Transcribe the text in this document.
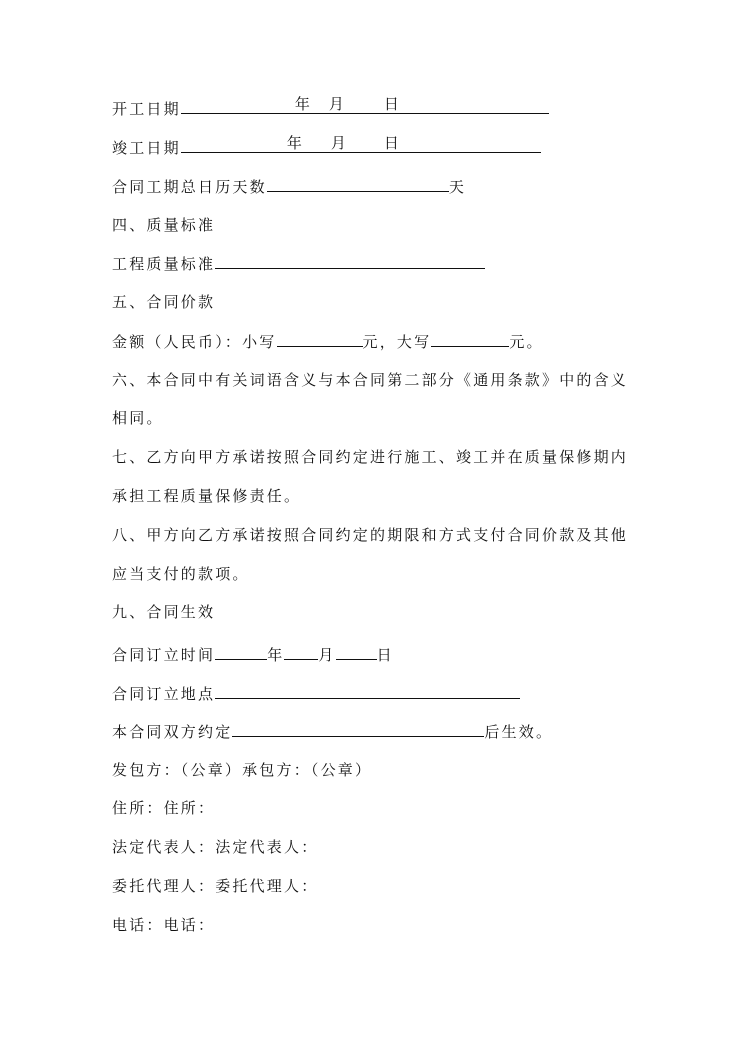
开工日期	年 月	日
竣工日期	年 月 日
合同工期总日历天数	天
四、质量标准
工程质量标准
五、合同价款
金额（人民币）：小写	元，大写	元。
六、本合同中有关词语含义与本合同第二部分《通用条款》中的含义
相同。
七、乙方向甲方承诺按照合同约定进行施工、竣工并在质量保修期内
承担工程质量保修责任。
八、甲方向乙方承诺按照合同约定的期限和方式支付合同价款及其他
应当支付的款项。
九、合同生效
合同订立时间	年 月	日
合同订立地点
本合同双方约定	后生效。
发包方：（公章）承包方：（公章）
住所：住所：
法定代表人：法定代表人：
委托代理人：委托代理人：
电话：电话：
